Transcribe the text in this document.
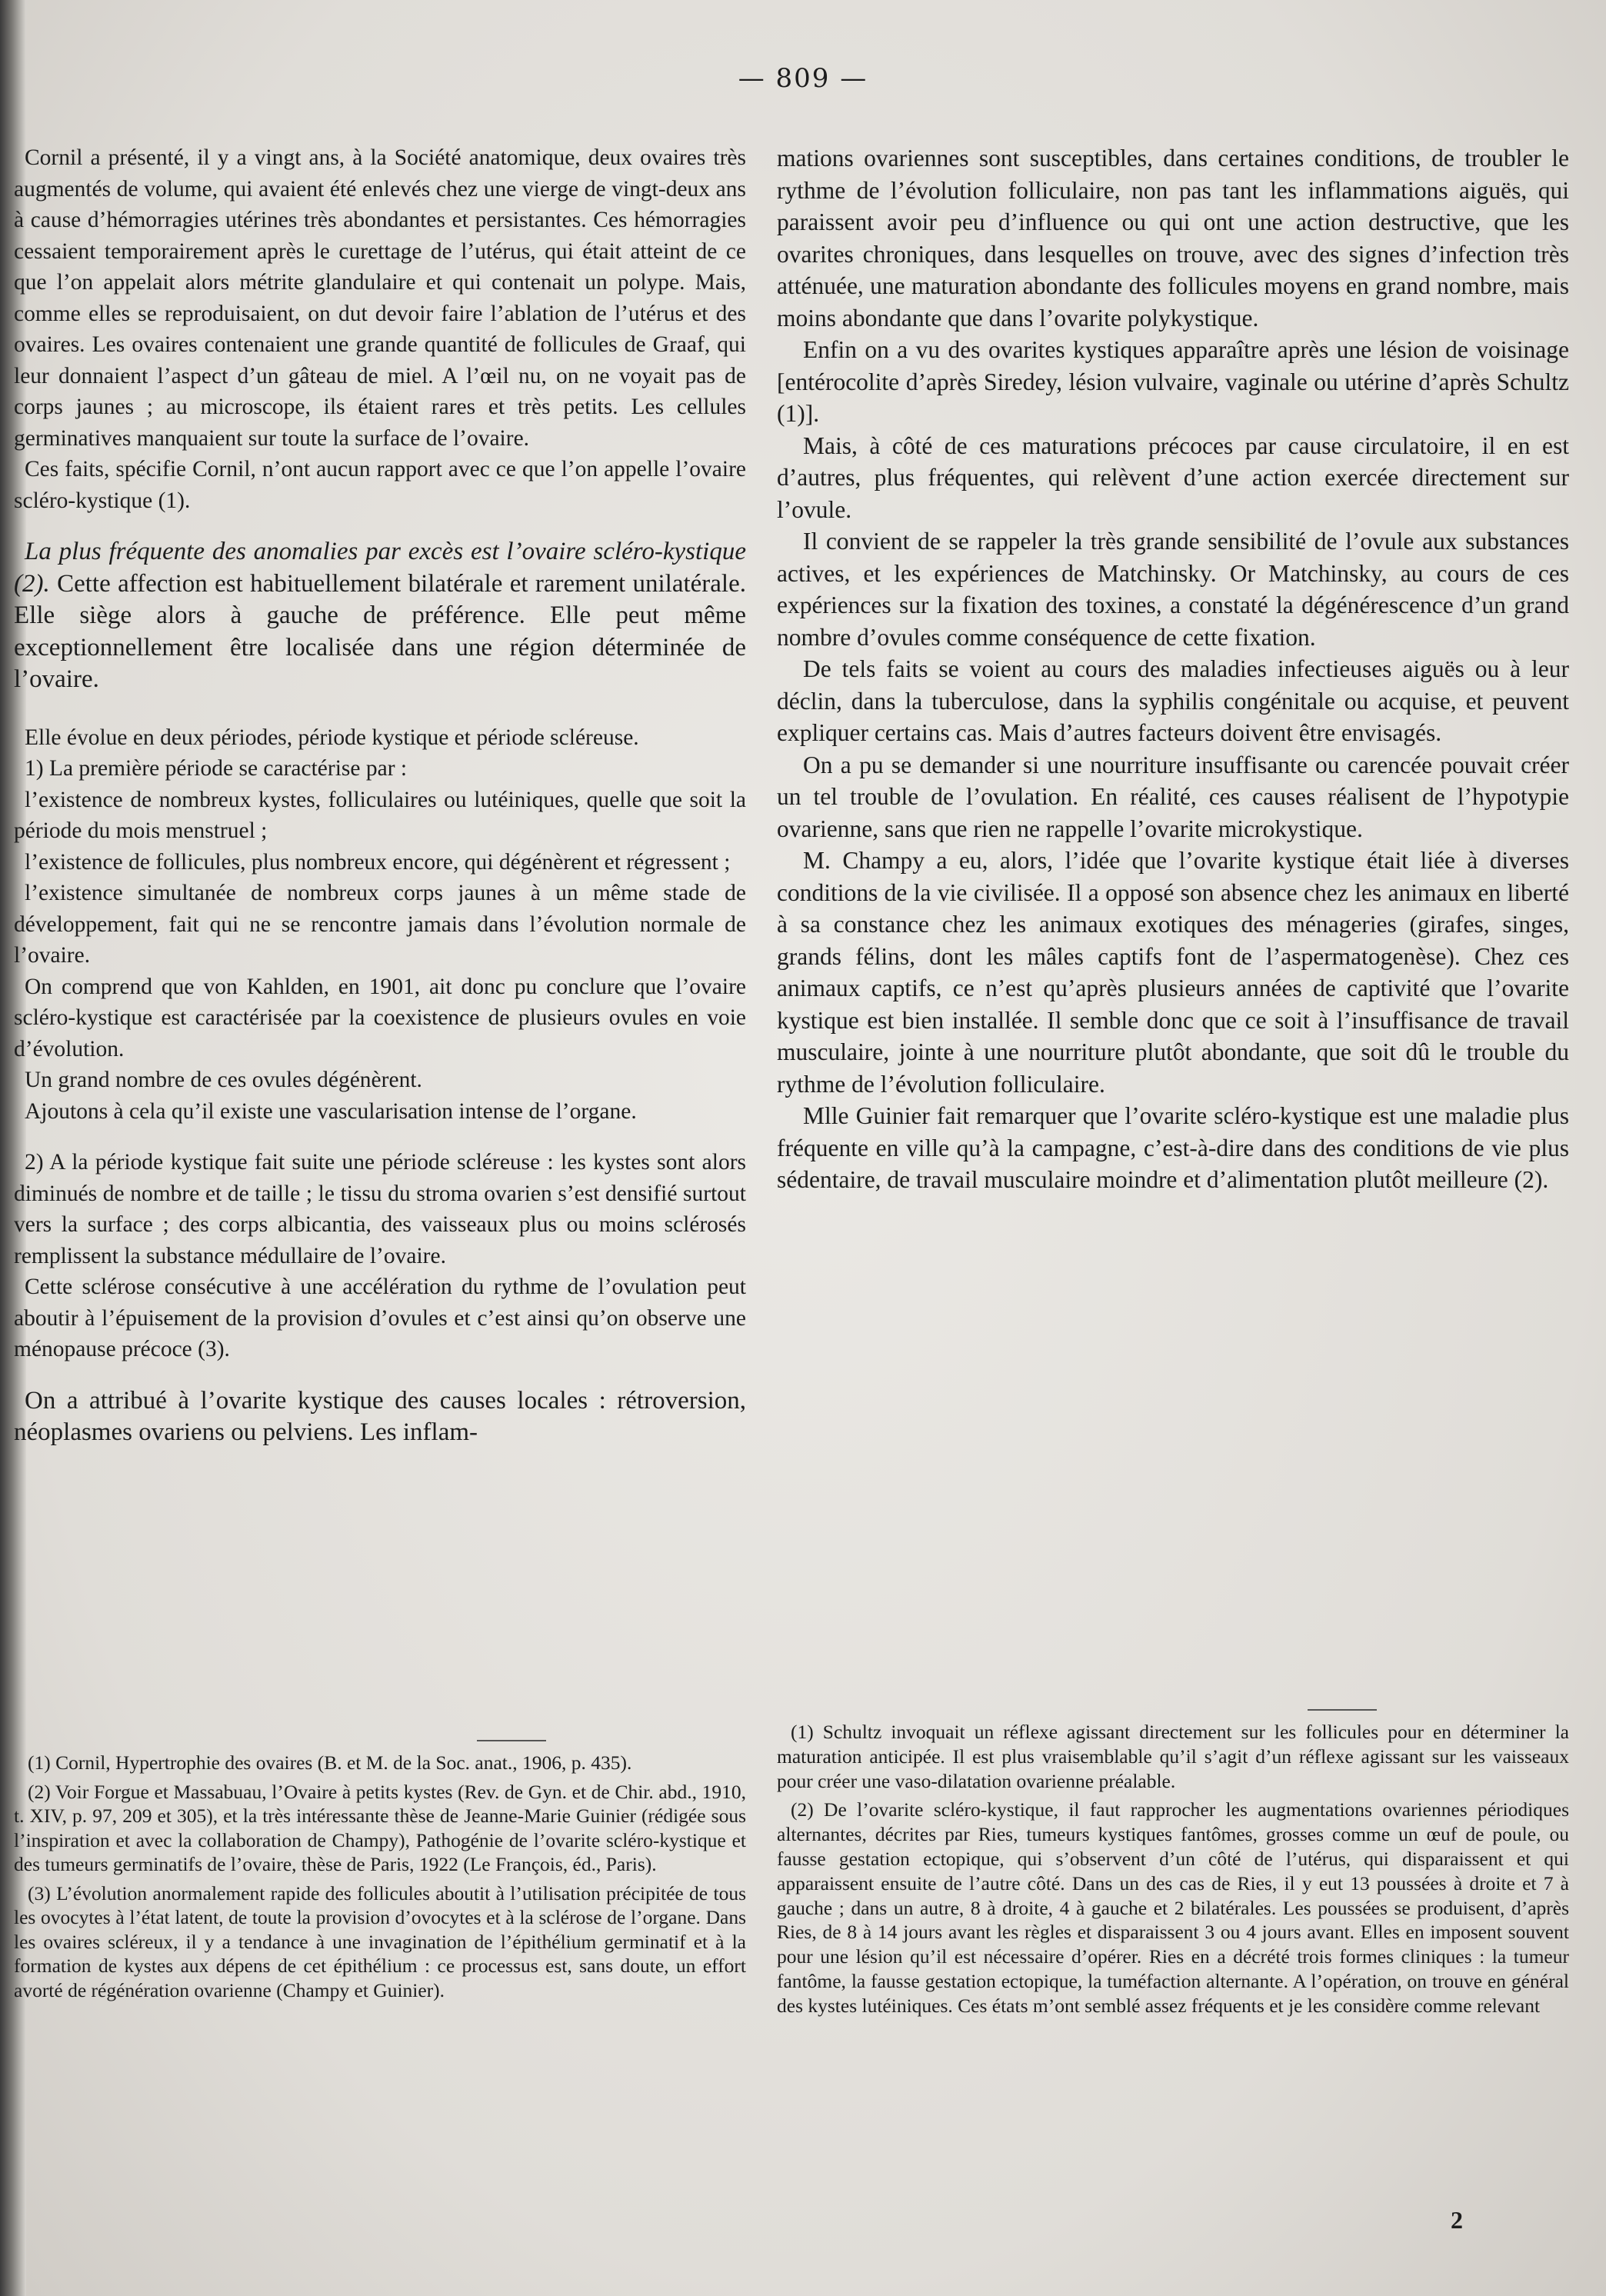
— 809 —

Cornil a présenté, il y a vingt ans, à la Société anatomique, deux ovaires très augmentés de volume, qui avaient été enlevés chez une vierge de vingt-deux ans à cause d’hémorragies utérines très abondantes et persistantes. Ces hémorragies cessaient temporairement après le curettage de l’utérus, qui était atteint de ce que l’on appelait alors métrite glandulaire et qui contenait un polype. Mais, comme elles se reproduisaient, on dut devoir faire l’ablation de l’utérus et des ovaires. Les ovaires contenaient une grande quantité de follicules de Graaf, qui leur donnaient l’aspect d’un gâteau de miel. A l’œil nu, on ne voyait pas de corps jaunes ; au microscope, ils étaient rares et très petits. Les cellules germinatives manquaient sur toute la surface de l’ovaire.

Ces faits, spécifie Cornil, n’ont aucun rapport avec ce que l’on appelle l’ovaire scléro-kystique (1).

La plus fréquente des anomalies par excès est l’ovaire scléro-kystique (2). Cette affection est habituellement bilatérale et rarement unilatérale. Elle siège alors à gauche de préférence. Elle peut même exceptionnellement être localisée dans une région déterminée de l’ovaire.

Elle évolue en deux périodes, période kystique et période scléreuse.

1) La première période se caractérise par :

l’existence de nombreux kystes, folliculaires ou lutéiniques, quelle que soit la période du mois menstruel ;

l’existence de follicules, plus nombreux encore, qui dégénèrent et régressent ;

l’existence simultanée de nombreux corps jaunes à un même stade de développement, fait qui ne se rencontre jamais dans l’évolution normale de l’ovaire.

On comprend que von Kahlden, en 1901, ait donc pu conclure que l’ovaire scléro-kystique est caractérisée par la coexistence de plusieurs ovules en voie d’évolution.

Un grand nombre de ces ovules dégénèrent.

Ajoutons à cela qu’il existe une vascularisation intense de l’organe.

2) A la période kystique fait suite une période scléreuse : les kystes sont alors diminués de nombre et de taille ; le tissu du stroma ovarien s’est densifié surtout vers la surface ; des corps albicantia, des vaisseaux plus ou moins sclérosés remplissent la substance médullaire de l’ovaire.

Cette sclérose consécutive à une accélération du rythme de l’ovulation peut aboutir à l’épuisement de la provision d’ovules et c’est ainsi qu’on observe une ménopause précoce (3).

On a attribué à l’ovarite kystique des causes locales : rétroversion, néoplasmes ovariens ou pelviens. Les inflam-

mations ovariennes sont susceptibles, dans certaines conditions, de troubler le rythme de l’évolution folliculaire, non pas tant les inflammations aiguës, qui paraissent avoir peu d’influence ou qui ont une action destructive, que les ovarites chroniques, dans lesquelles on trouve, avec des signes d’infection très atténuée, une maturation abondante des follicules moyens en grand nombre, mais moins abondante que dans l’ovarite polykystique.

Enfin on a vu des ovarites kystiques apparaître après une lésion de voisinage [entérocolite d’après Siredey, lésion vulvaire, vaginale ou utérine d’après Schultz (1)].

Mais, à côté de ces maturations précoces par cause circulatoire, il en est d’autres, plus fréquentes, qui relèvent d’une action exercée directement sur l’ovule.

Il convient de se rappeler la très grande sensibilité de l’ovule aux substances actives, et les expériences de Matchinsky. Or Matchinsky, au cours de ces expériences sur la fixation des toxines, a constaté la dégénérescence d’un grand nombre d’ovules comme conséquence de cette fixation.

De tels faits se voient au cours des maladies infectieuses aiguës ou à leur déclin, dans la tuberculose, dans la syphilis congénitale ou acquise, et peuvent expliquer certains cas. Mais d’autres facteurs doivent être envisagés.

On a pu se demander si une nourriture insuffisante ou carencée pouvait créer un tel trouble de l’ovulation. En réalité, ces causes réalisent de l’hypotypie ovarienne, sans que rien ne rappelle l’ovarite microkystique.

M. Champy a eu, alors, l’idée que l’ovarite kystique était liée à diverses conditions de la vie civilisée. Il a opposé son absence chez les animaux en liberté à sa constance chez les animaux exotiques des ménageries (girafes, singes, grands félins, dont les mâles captifs font de l’aspermatogenèse). Chez ces animaux captifs, ce n’est qu’après plusieurs années de captivité que l’ovarite kystique est bien installée. Il semble donc que ce soit à l’insuffisance de travail musculaire, jointe à une nourriture plutôt abondante, que soit dû le trouble du rythme de l’évolution folliculaire.

Mlle Guinier fait remarquer que l’ovarite scléro-kystique est une maladie plus fréquente en ville qu’à la campagne, c’est-à-dire dans des conditions de vie plus sédentaire, de travail musculaire moindre et d’alimentation plutôt meilleure (2).

(1) Cornil, Hypertrophie des ovaires (B. et M. de la Soc. anat., 1906, p. 435).

(2) Voir Forgue et Massabuau, l’Ovaire à petits kystes (Rev. de Gyn. et de Chir. abd., 1910, t. XIV, p. 97, 209 et 305), et la très intéressante thèse de Jeanne-Marie Guinier (rédigée sous l’inspiration et avec la collaboration de Champy), Pathogénie de l’ovarite scléro-kystique et des tumeurs germinatifs de l’ovaire, thèse de Paris, 1922 (Le François, éd., Paris).

(3) L’évolution anormalement rapide des follicules aboutit à l’utilisation précipitée de tous les ovocytes à l’état latent, de toute la provision d’ovocytes et à la sclérose de l’organe. Dans les ovaires scléreux, il y a tendance à une invagination de l’épithélium germinatif et à la formation de kystes aux dépens de cet épithélium : ce processus est, sans doute, un effort avorté de régénération ovarienne (Champy et Guinier).

(1) Schultz invoquait un réflexe agissant directement sur les follicules pour en déterminer la maturation anticipée. Il est plus vraisemblable qu’il s’agit d’un réflexe agissant sur les vaisseaux pour créer une vaso-dilatation ovarienne préalable.

(2) De l’ovarite scléro-kystique, il faut rapprocher les augmentations ovariennes périodiques alternantes, décrites par Ries, tumeurs kystiques fantômes, grosses comme un œuf de poule, ou fausse gestation ectopique, qui s’observent d’un côté de l’utérus, qui disparaissent et qui apparaissent ensuite de l’autre côté. Dans un des cas de Ries, il y eut 13 poussées à droite et 7 à gauche ; dans un autre, 8 à droite, 4 à gauche et 2 bilatérales. Les poussées se produisent, d’après Ries, de 8 à 14 jours avant les règles et disparaissent 3 ou 4 jours avant. Elles en imposent souvent pour une lésion qu’il est nécessaire d’opérer. Ries en a décrété trois formes cliniques : la tumeur fantôme, la fausse gestation ectopique, la tuméfaction alternante. A l’opération, on trouve en général des kystes lutéiniques. Ces états m’ont semblé assez fréquents et je les considère comme relevant

2
